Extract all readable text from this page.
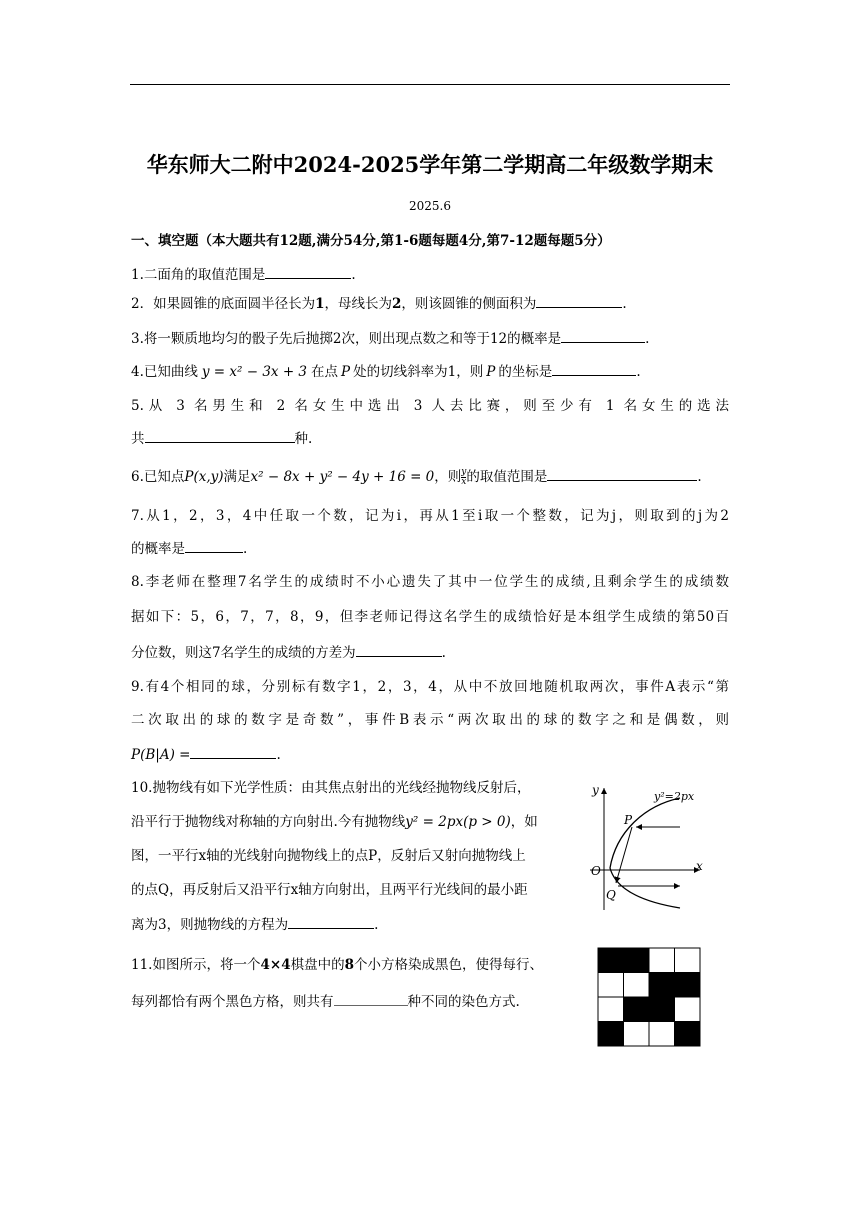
华东师大二附中2024-2025学年第二学期高二年级数学期末
2025.6
一、填空题（本大题共有12题,满分54分,第1-6题每题4分,第7-12题每题5分）
1.二面角的取值范围是	.
2．如果圆锥的底面圆半径长为1，母线长为2，则该圆锥的侧面积为	.
3.将一颗质地均匀的骰子先后抛掷2次，则出现点数之和等于12的概率是	.
4.已知曲线 y = x² − 3x + 3 在点 P 处的切线斜率为1，则 P 的坐标是	.
5.从 3 名男生和 2 名女生中选出 3 人去比赛，则至少有 1 名女生的选法
共	种.
6.已知点P(x,y)满足x² − 8x + y² − 4y + 16 = 0，则 $\frac{y}{x}$ 的取值范围是	.
7.从1，2，3，4中任取一个数，记为i，再从1至i取一个整数，记为j，则取到的j为2
的概率是	.
8.李老师在整理7名学生的成绩时不小心遗失了其中一位学生的成绩,且剩余学生的成绩数
据如下：5，6，7，7，8，9，但李老师记得这名学生的成绩恰好是本组学生成绩的第50百
分位数，则这7名学生的成绩的方差为	.
9.有4个相同的球，分别标有数字1，2，3，4，从中不放回地随机取两次，事件A表示“第
二次取出的球的数字是奇数”，事件B表示“两次取出的球的数字之和是偶数，则
P(B|A) =	.
10.抛物线有如下光学性质：由其焦点射出的光线经抛物线反射后，
沿平行于抛物线对称轴的方向射出.今有抛物线y² = 2px(p > 0)，如
图，一平行x轴的光线射向抛物线上的点P，反射后又射向抛物线上
的点Q，再反射后又沿平行x轴方向射出，且两平行光线间的最小距
离为3，则抛物线的方程为	.
y
x
O
P
Q
y²=2px
11.如图所示，将一个4×4棋盘中的8个小方格染成黑色，使得每行、
每列都恰有两个黑色方格，则共有	种不同的染色方式.
